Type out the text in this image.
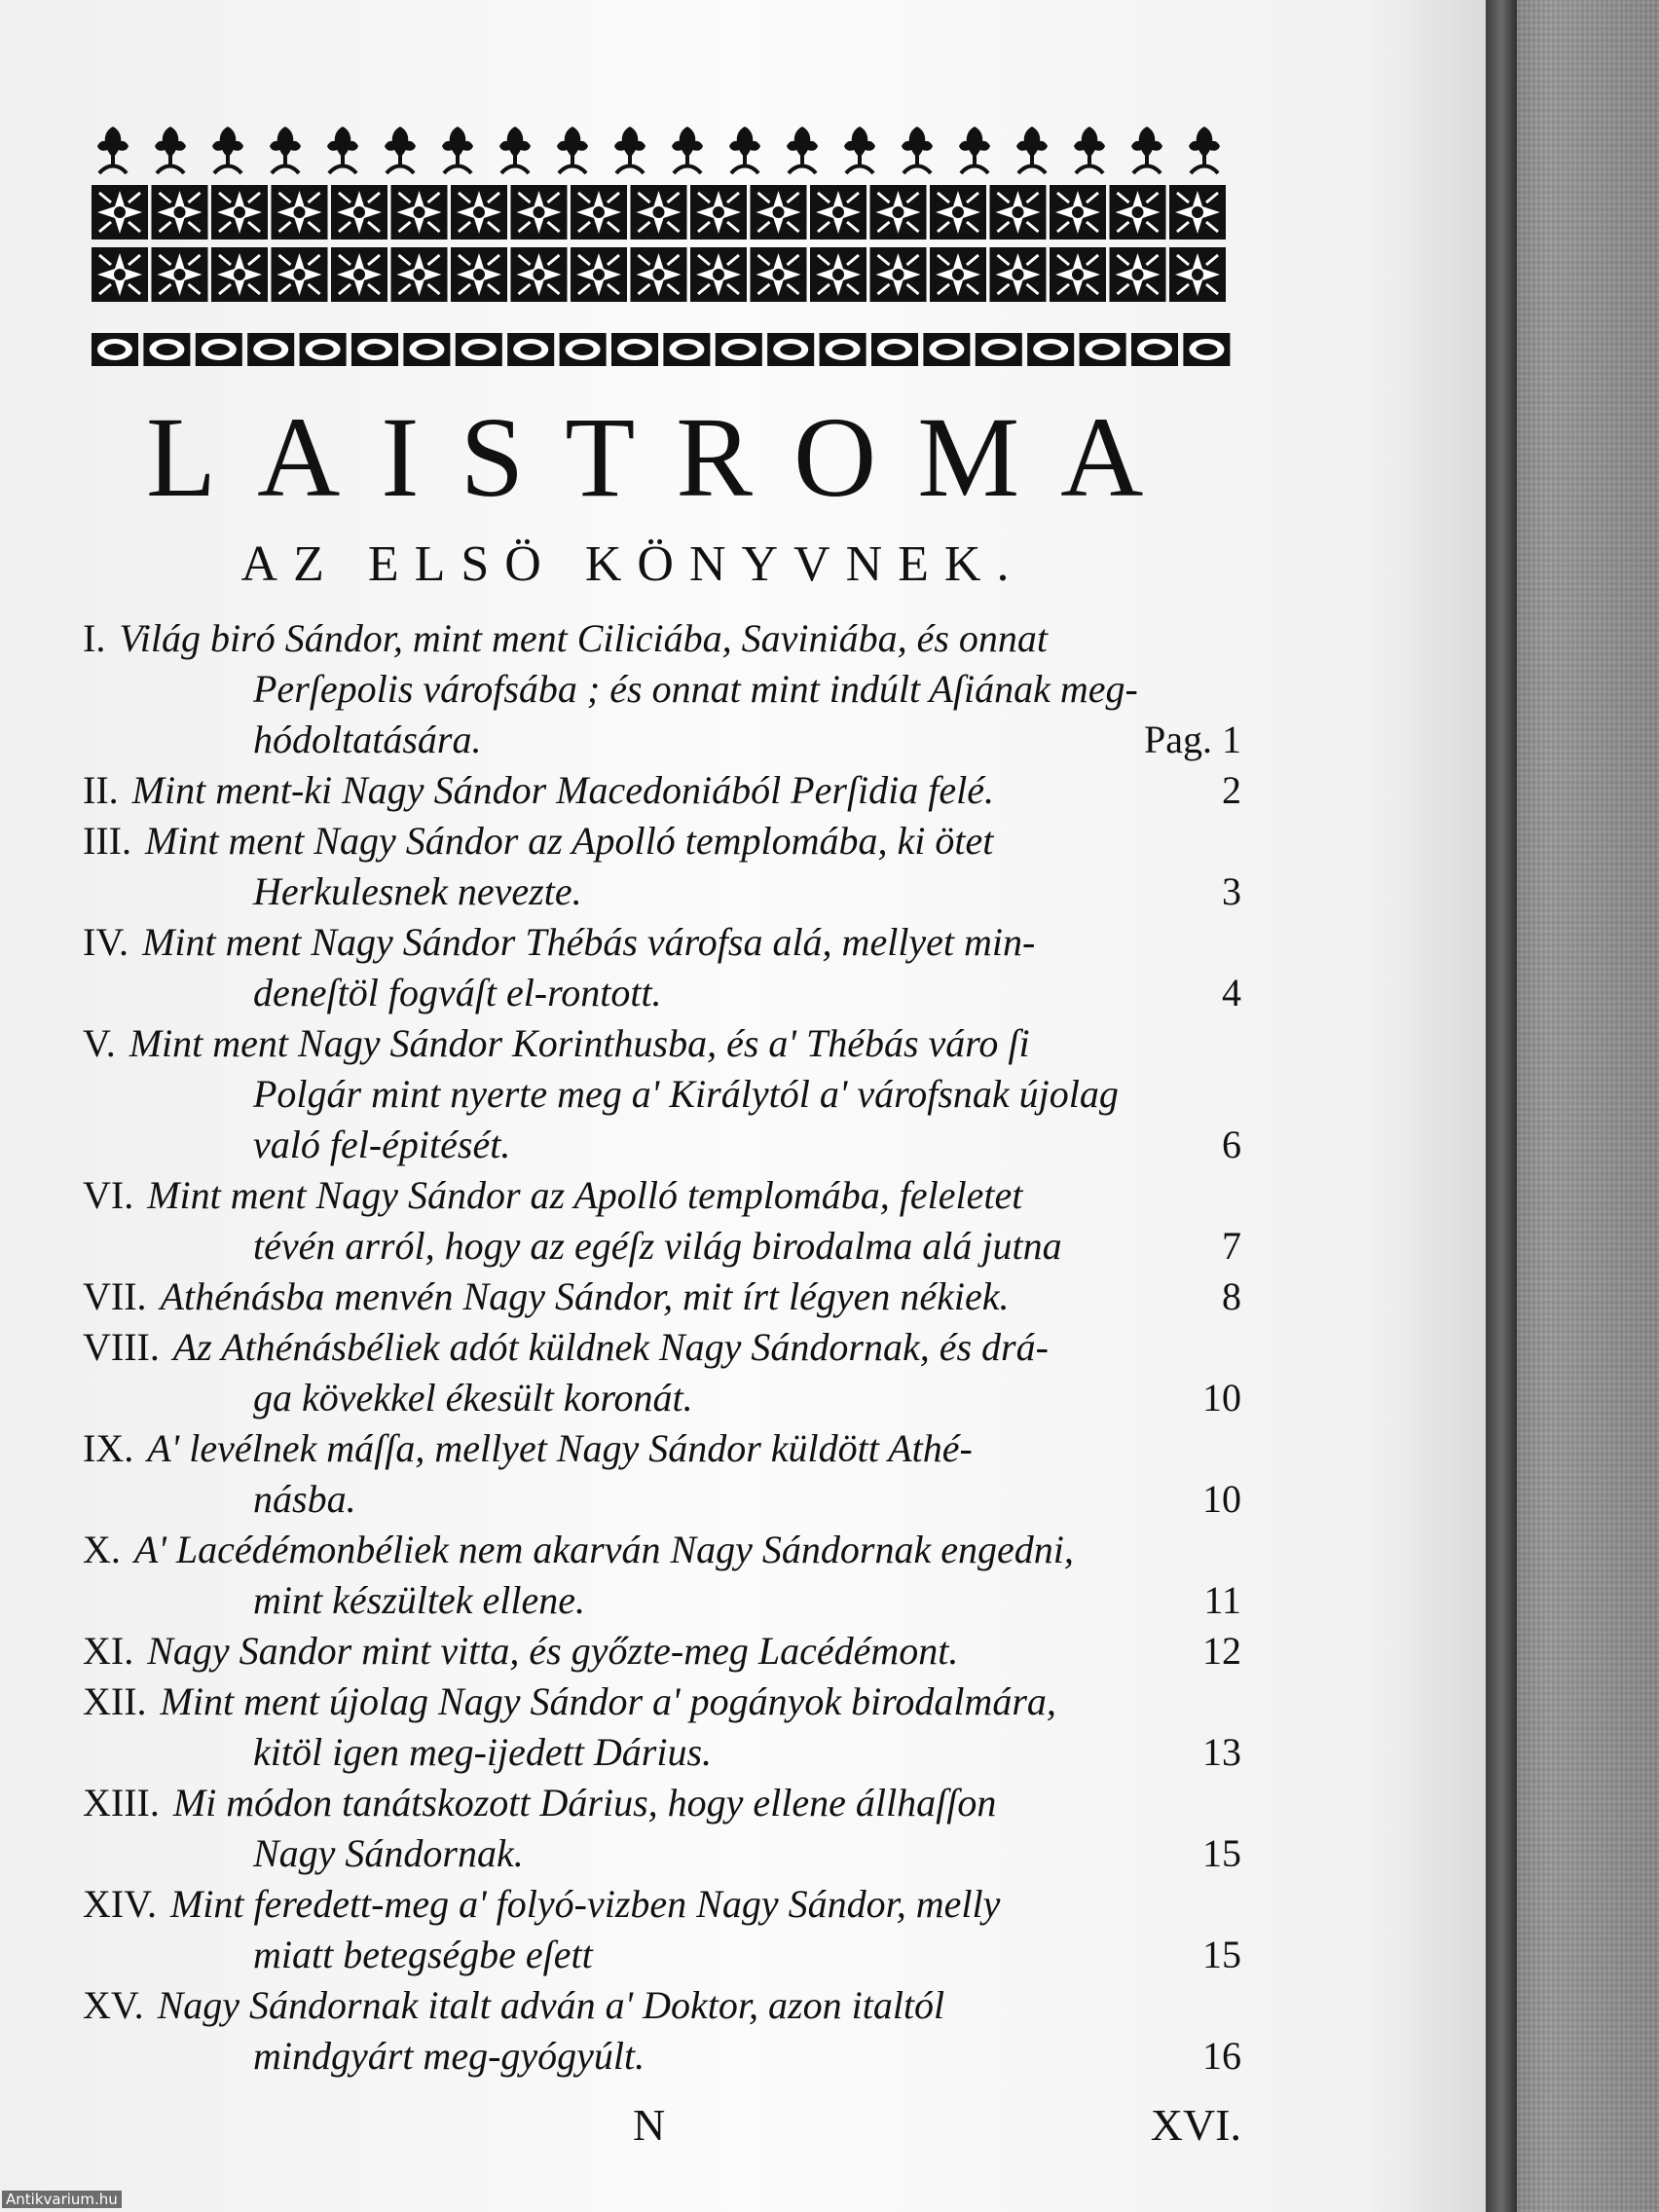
LAISTROMA
AZ ELSÖ KÖNYVNEK.
I. Világ biró Sándor, mint ment Ciliciába, Saviniába, és onnat
Perſepolis várofsába ; és onnat mint indúlt Aſiának meg-
hódoltatására.	Pag. 1
II. Mint ment-ki Nagy Sándor Macedoniából Perſidia felé.	2
III. Mint ment Nagy Sándor az Apolló templomába, ki ötet
Herkulesnek nevezte.	3
IV. Mint ment Nagy Sándor Thébás várofsa alá, mellyet min-
deneſtöl fogváſt el-rontott.	4
V. Mint ment Nagy Sándor Korinthusba, és a' Thébás váro ſi
Polgár mint nyerte meg a' Királytól a' várofsnak újolag
való fel-épitését.	6
VI. Mint ment Nagy Sándor az Apolló templomába, feleletet
tévén arról, hogy az egéſz világ birodalma alá jutna	7
VII. Athénásba menvén Nagy Sándor, mit írt légyen nékiek.	8
VIII. Az Athénásbéliek adót küldnek Nagy Sándornak, és drá-
ga kövekkel ékesült koronát.	10
IX. A' levélnek máſſa, mellyet Nagy Sándor küldött Athé-
násba.	10
X. A' Lacédémonbéliek nem akarván Nagy Sándornak engedni,
mint készültek ellene.	11
XI. Nagy Sandor mint vitta, és győzte-meg Lacédémont.	12
XII. Mint ment újolag Nagy Sándor a' pogányok birodalmára,
kitöl igen meg-ijedett Dárius.	13
XIII. Mi módon tanátskozott Dárius, hogy ellene állhaſſon
Nagy Sándornak.	15
XIV. Mint feredett-meg a' folyó-vizben Nagy Sándor, melly
miatt betegségbe eſett	15
XV. Nagy Sándornak italt adván a' Doktor, azon italtól
mindgyárt meg-gyógyúlt.	16
N	XVI.
Antikvarium.hu
